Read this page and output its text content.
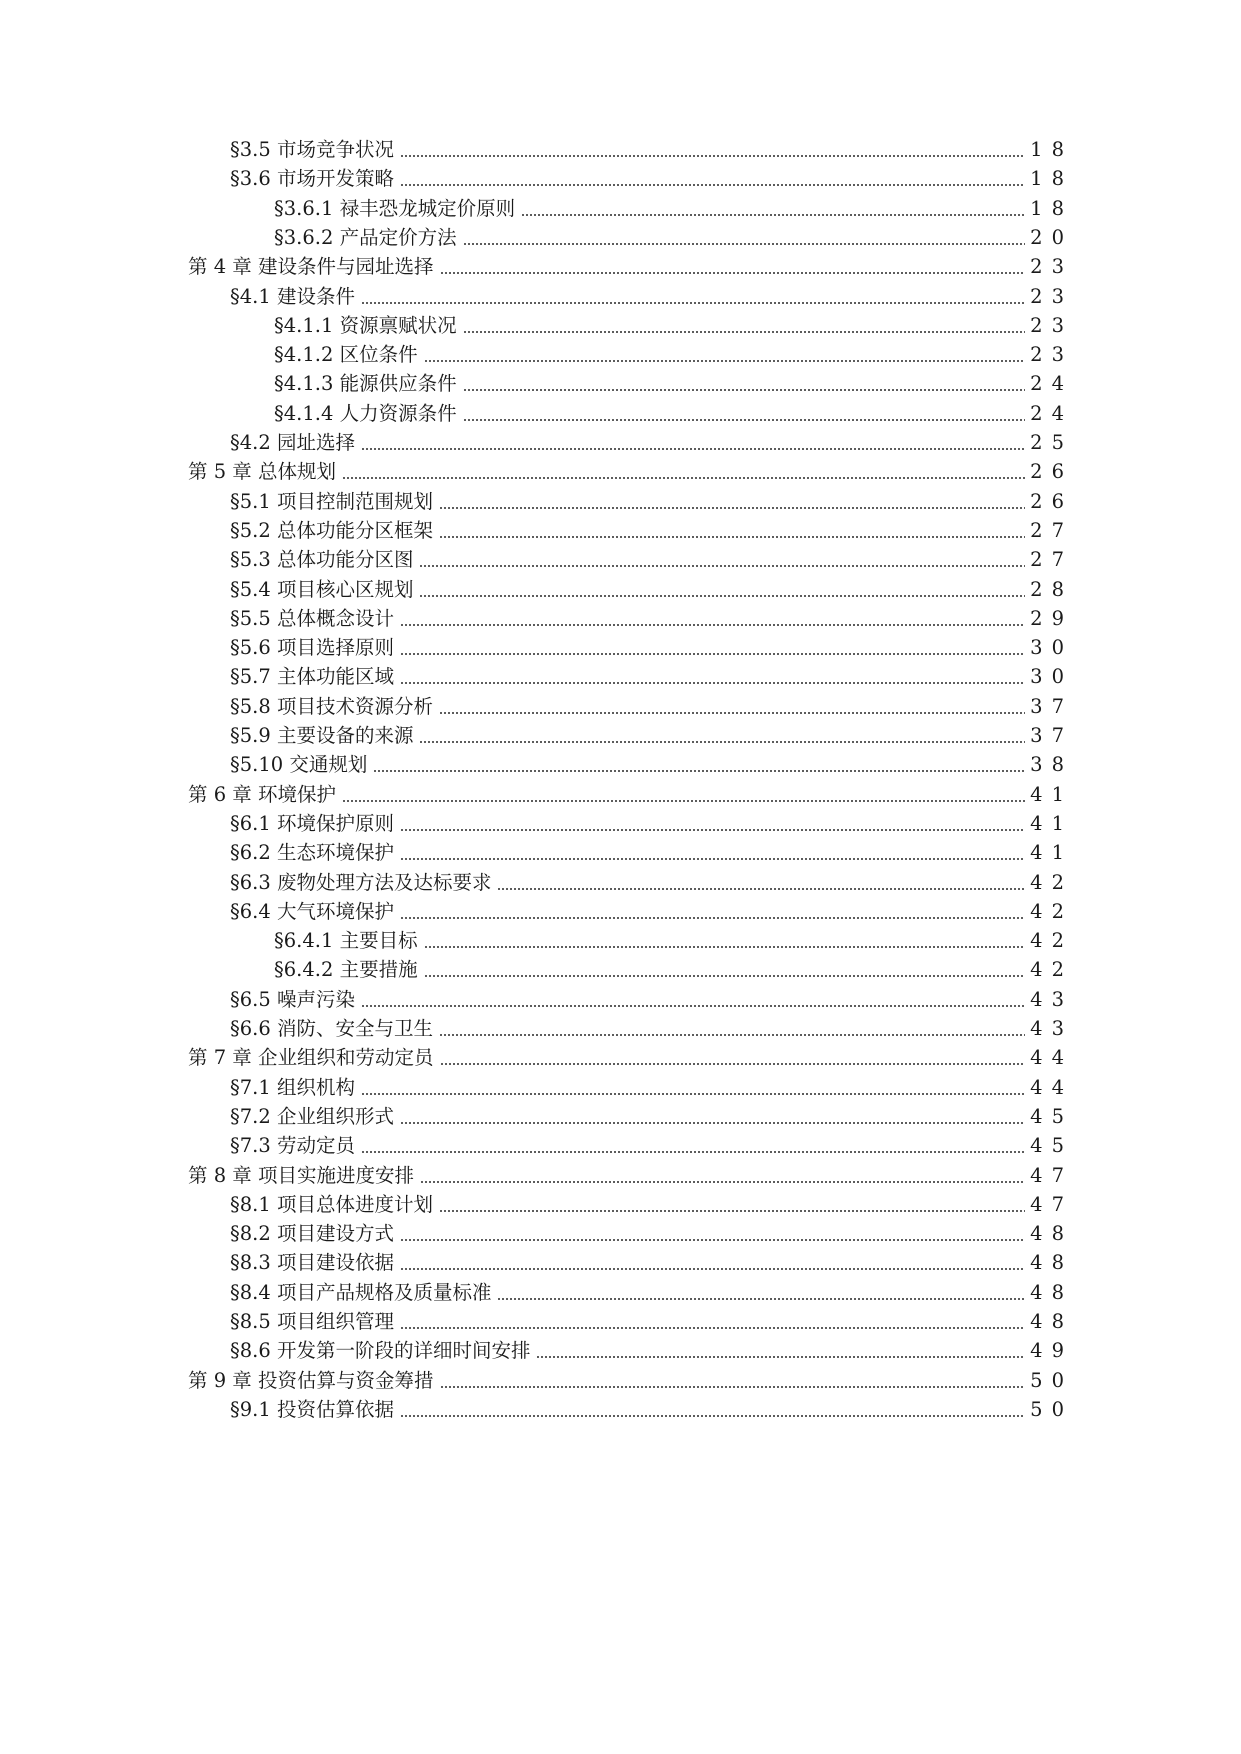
§3.5 市场竞争状况	18
§3.6 市场开发策略	18
§3.6.1 禄丰恐龙城定价原则	18
§3.6.2 产品定价方法	20
第 4 章 建设条件与园址选择	23
§4.1 建设条件	23
§4.1.1 资源禀赋状况	23
§4.1.2 区位条件	23
§4.1.3 能源供应条件	24
§4.1.4 人力资源条件	24
§4.2 园址选择	25
第 5 章 总体规划	26
§5.1 项目控制范围规划	26
§5.2 总体功能分区框架	27
§5.3 总体功能分区图	27
§5.4 项目核心区规划	28
§5.5 总体概念设计	29
§5.6 项目选择原则	30
§5.7 主体功能区域	30
§5.8 项目技术资源分析	37
§5.9 主要设备的来源	37
§5.10 交通规划	38
第 6 章 环境保护	41
§6.1 环境保护原则	41
§6.2 生态环境保护	41
§6.3 废物处理方法及达标要求	42
§6.4 大气环境保护	42
§6.4.1 主要目标	42
§6.4.2 主要措施	42
§6.5 噪声污染	43
§6.6 消防、安全与卫生	43
第 7 章 企业组织和劳动定员	44
§7.1 组织机构	44
§7.2 企业组织形式	45
§7.3 劳动定员	45
第 8 章 项目实施进度安排	47
§8.1 项目总体进度计划	47
§8.2 项目建设方式	48
§8.3 项目建设依据	48
§8.4 项目产品规格及质量标准	48
§8.5 项目组织管理	48
§8.6 开发第一阶段的详细时间安排	49
第 9 章 投资估算与资金筹措	50
§9.1 投资估算依据	50
